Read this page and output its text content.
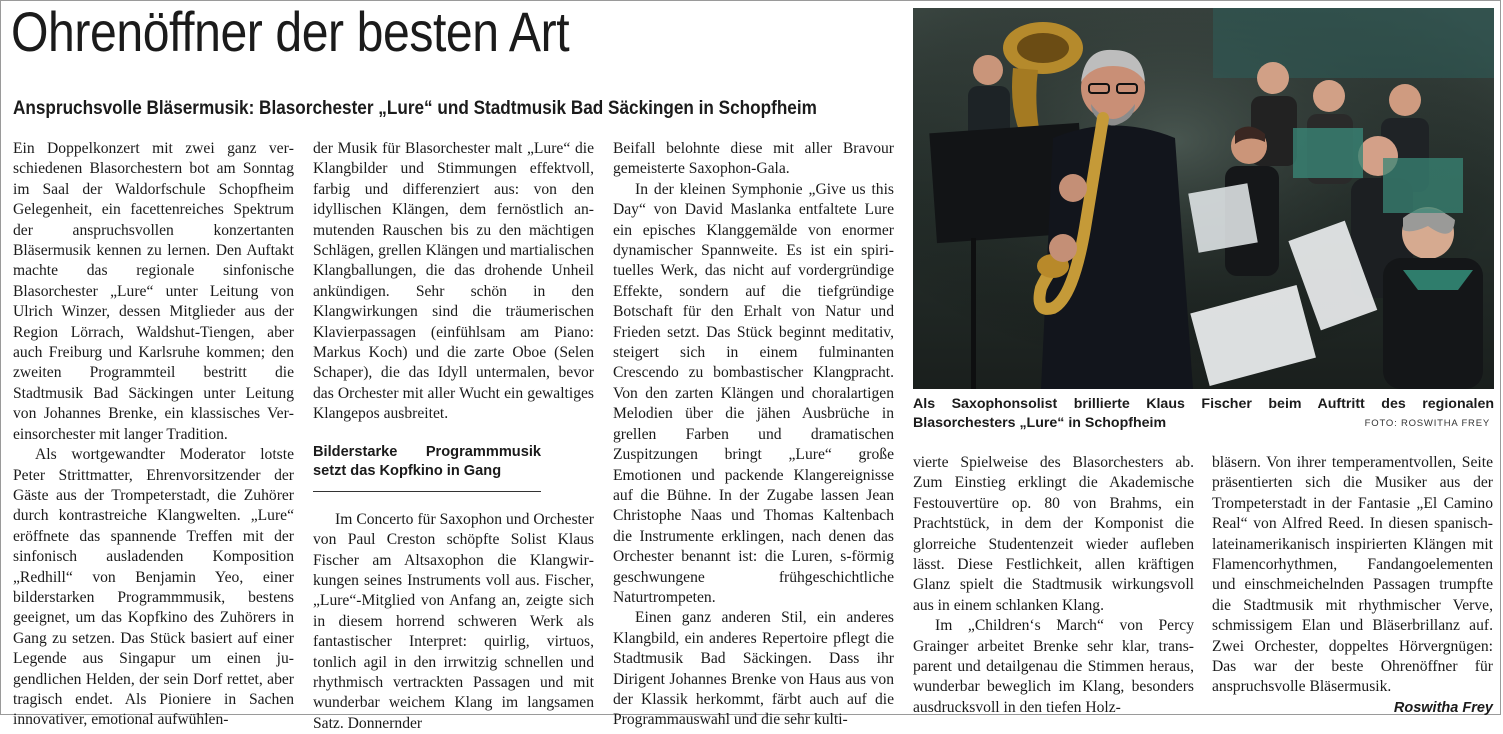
Ohrenöffner der besten Art
Anspruchsvolle Bläsermusik: Blasorchester „Lure“ und Stadtmusik Bad Säckingen in Schopfheim

Ein Doppelkonzert mit zwei ganz verschiedenen Blasorchestern bot am Sonntag im Saal der Waldorfschule Schopfheim Gelegenheit, ein facettenreiches Spektrum der anspruchsvollen konzertanten Bläsermusik kennen zu lernen. Den Auftakt machte das regionale sinfonische Blasorchester „Lure“ unter Leitung von Ulrich Winzer, dessen Mitglieder aus der Region Lörrach, Waldshut-Tiengen, aber auch Freiburg und Karlsruhe kommen; den zweiten Programmteil bestritt die Stadtmusik Bad Säckingen unter Leitung von Johannes Brenke, ein klassisches Vereinsorchester mit langer Tradition.

Als wortgewandter Moderator lotste Peter Strittmatter, Ehrenvorsitzender der Gäste aus der Trompeterstadt, die Zuhörer durch kontrastreiche Klangwelten. „Lure“ eröffnete das spannende Treffen mit der sinfonisch ausladenden Komposition „Redhill“ von Benjamin Yeo, einer bilderstarken Programmmusik, bestens geeignet, um das Kopfkino des Zuhörers in Gang zu setzen. Das Stück basiert auf einer Legende aus Singapur um einen jugendlichen Helden, der sein Dorf rettet, aber tragisch endet. Als Pioniere in Sachen innovativer, emotional aufwühlen-

der Musik für Blasorchester malt „Lure“ die Klangbilder und Stimmungen effektvoll, farbig und differenziert aus: von den idyllischen Klängen, dem fernöstlich anmutenden Rauschen bis zu den mächtigen Schlägen, grellen Klängen und martialischen Klangballungen, die das drohende Unheil ankündigen. Sehr schön in den Klangwirkungen sind die träumerischen Klavierpassagen (einfühlsam am Piano: Markus Koch) und die zarte Oboe (Selen Schaper), die das Idyll untermalen, bevor das Orchester mit aller Wucht ein gewaltiges Klangepos ausbreitet.

Bilderstarke Programmmusik setzt das Kopfkino in Gang

Im Concerto für Saxophon und Orchester von Paul Creston schöpfte Solist Klaus Fischer am Altsaxophon die Klangwirkungen seines Instruments voll aus. Fischer, „Lure“-Mitglied von Anfang an, zeigte sich in diesem horrend schweren Werk als fantastischer Interpret: quirlig, virtuos, tonlich agil in den irrwitzig schnellen und rhythmisch vertrackten Passagen und mit wunderbar weichem Klang im langsamen Satz. Donnernder

Beifall belohnte diese mit aller Bravour gemeisterte Saxophon-Gala.

In der kleinen Symphonie „Give us this Day“ von David Maslanka entfaltete Lure ein episches Klanggemälde von enormer dynamischer Spannweite. Es ist ein spirituelles Werk, das nicht auf vordergründige Effekte, sondern auf die tiefgründige Botschaft für den Erhalt von Natur und Frieden setzt. Das Stück beginnt meditativ, steigert sich in einem fulminanten Crescendo zu bombastischer Klangpracht. Von den zarten Klängen und choralartigen Melodien über die jähen Ausbrüche in grellen Farben und dramatischen Zuspitzungen bringt „Lure“ große Emotionen und packende Klangereignisse auf die Bühne. In der Zugabe lassen Jean Christophe Naas und Thomas Kaltenbach die Instrumente erklingen, nach denen das Orchester benannt ist: die Luren, s-förmig geschwungene frühgeschichtliche Naturtrompeten.

Einen ganz anderen Stil, ein anderes Klangbild, ein anderes Repertoire pflegt die Stadtmusik Bad Säckingen. Dass ihr Dirigent Johannes Brenke von Haus aus von der Klassik herkommt, färbt auch auf die Programmauswahl und die sehr kulti-

Als Saxophonsolist brillierte Klaus Fischer beim Auftritt des regionalen Blasorchesters „Lure“ in Schopfheim	FOTO: ROSWITHA FREY

vierte Spielweise des Blasorchesters ab. Zum Einstieg erklingt die Akademische Festouvertüre op. 80 von Brahms, ein Prachtstück, in dem der Komponist die glorreiche Studentenzeit wieder aufleben lässt. Diese Festlichkeit, allen kräftigen Glanz spielt die Stadtmusik wirkungsvoll aus in einem schlanken Klang.

Im „Children‘s March“ von Percy Grainger arbeitet Brenke sehr klar, transparent und detailgenau die Stimmen heraus, wunderbar beweglich im Klang, besonders ausdrucksvoll in den tiefen Holz-

bläsern. Von ihrer temperamentvollen, Seite präsentierten sich die Musiker aus der Trompeterstadt in der Fantasie „El Camino Real“ von Alfred Reed. In diesen spanisch-lateinamerikanisch inspirierten Klängen mit Flamencorhythmen, Fandangoelementen und einschmeichelnden Passagen trumpfte die Stadtmusik mit rhythmischer Verve, schmissigem Elan und Bläserbrillanz auf. Zwei Orchester, doppeltes Hörvergnügen: Das war der beste Ohrenöffner für anspruchsvolle Bläsermusik.

Roswitha Frey
